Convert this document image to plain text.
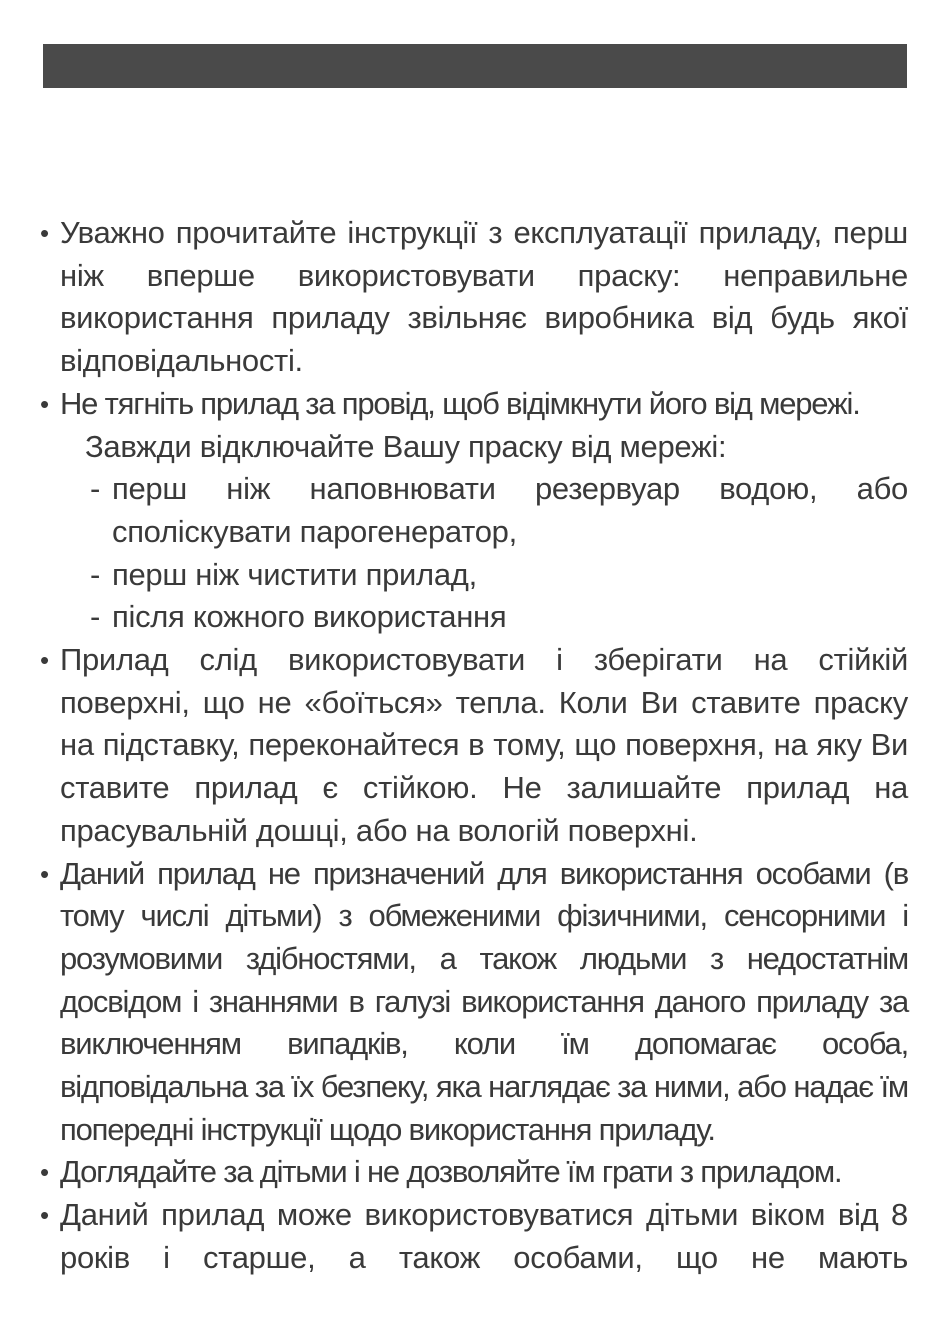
• Уважно прочитайте інструкції з експлуатації приладу, перш ніж вперше використовувати праску: неправильне використання приладу звільняє виробника від будь якої відповідальності.
• Не тягніть прилад за провід, щоб відімкнути його від мережі.
Завжди відключайте Вашу праску від мережі:
- перш ніж наповнювати резервуар водою, або споліскувати парогенератор,
- перш ніж чистити прилад,
- після кожного використання
• Прилад слід використовувати і зберігати на стійкій поверхні, що не «боїться» тепла. Коли Ви ставите праску на підставку, переконайтеся в тому, що поверхня, на яку Ви ставите прилад є стійкою. Не залишайте прилад на прасувальній дошці, або на вологій поверхні.
• Даний прилад не призначений для використання особами (в тому числі дітьми) з обмеженими фізичними, сенсорними і розумовими здібностями, а також людьми з недостатнім досвідом і знаннями в галузі використання даного приладу за виключенням випадків, коли їм допомагає особа, відповідальна за їх безпеку, яка наглядає за ними, або надає їм попередні інструкції щодо використання приладу.
• Доглядайте за дітьми і не дозволяйте їм грати з приладом.
• Даний прилад може використовуватися дітьми віком від 8 років і старше, а також особами, що не мають
